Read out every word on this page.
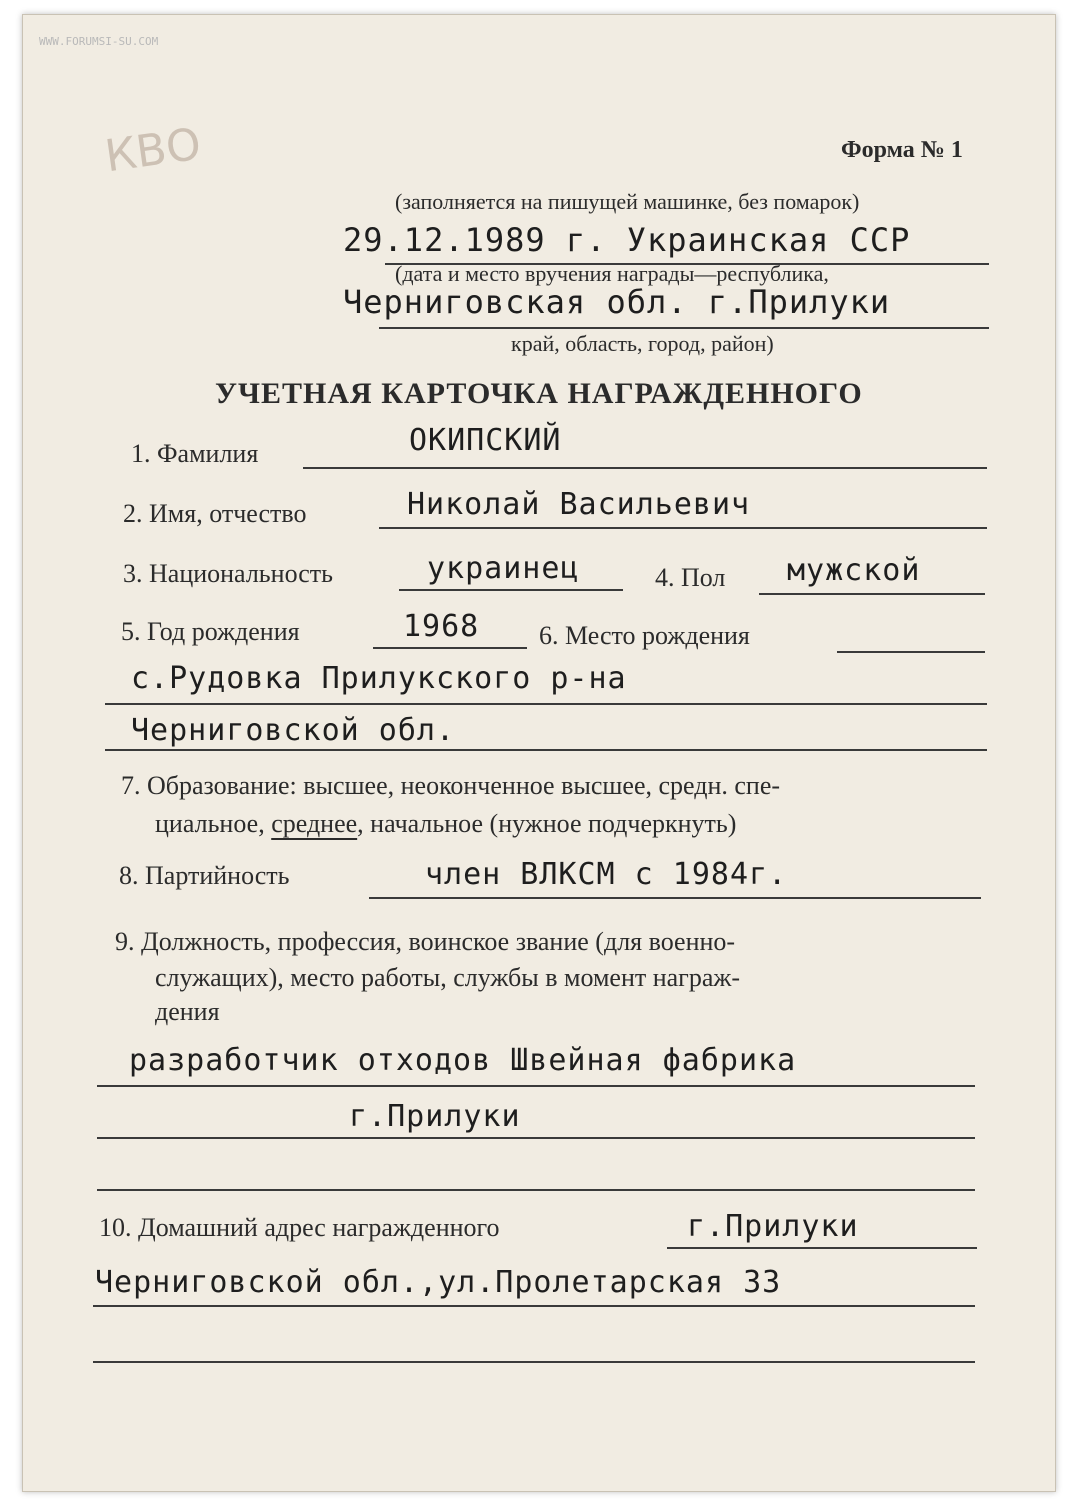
WWW.FORUMSI-SU.COM
КВО	Форма № 1
(заполняется на пишущей машинке, без помарок)
29.12.1989 г. Украинская ССР
(дата и место вручения награды—республика,
Черниговская обл. г.Прилуки
край, область, город, район)
УЧЕТНАЯ КАРТОЧКА НАГРАЖДЕННОГО
1. Фамилия	ОКИПСКИЙ
2. Имя, отчество	Николай Васильевич
3. Национальность	украинец	4. Пол мужской
5. Год рождения	1968 6. Место рождения
с.Рудовка Прилукского р-на
Черниговской обл.
7. Образование: высшее, неоконченное высшее, средн. спе-
циальное, среднее, начальное (нужное подчеркнуть)
8. Партийность	член ВЛКСМ с 1984г.
9. Должность, профессия, воинское звание (для военно-
служащих), место работы, службы в момент награж-
дения
разработчик отходов Швейная фабрика
г.Прилуки
10. Домашний адрес награжденного	г.Прилуки
Черниговской обл.,ул.Пролетарская 33
